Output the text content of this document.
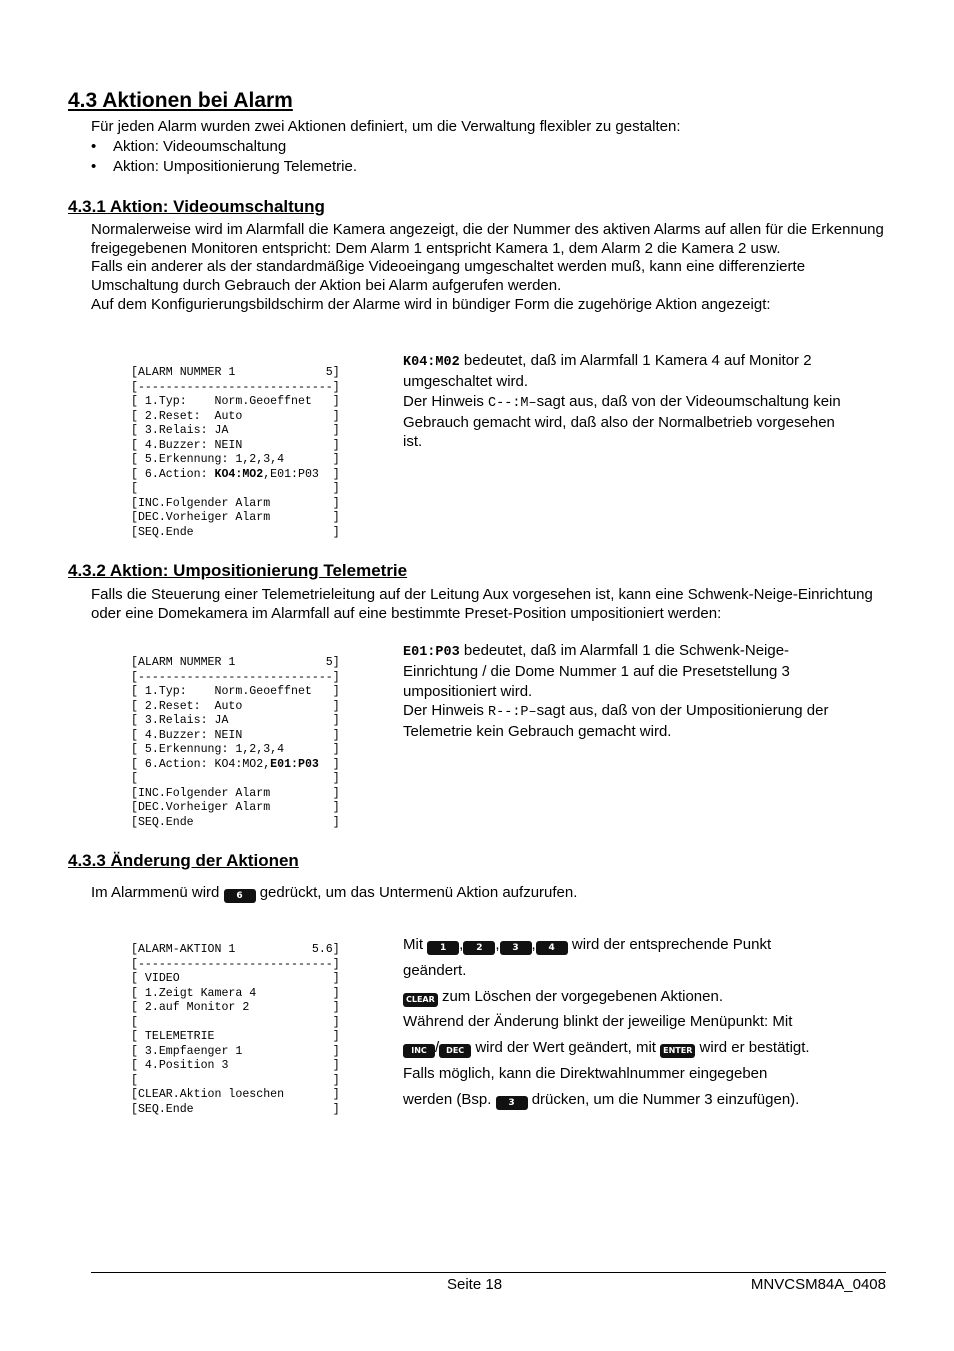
4.3 Aktionen bei Alarm

Für jeden Alarm wurden zwei Aktionen definiert, um die Verwaltung flexibler zu gestalten:

• Aktion: Videoumschaltung
• Aktion: Umpositionierung Telemetrie.
4.3.1 Aktion: Videoumschaltung

Normalerweise wird im Alarmfall die Kamera angezeigt, die der Nummer des aktiven Alarms auf allen für die Erkennung freigegebenen Monitoren entspricht: Dem Alarm 1 entspricht Kamera 1, dem Alarm 2 die Kamera 2 usw.

Falls ein anderer als der standardmäßige Videoeingang umgeschaltet werden muß, kann eine differenzierte Umschaltung durch Gebrauch der Aktion bei Alarm aufgerufen werden.

Auf dem Konfigurierungsbildschirm der Alarme wird in bündiger Form die zugehörige Aktion angezeigt:

[ALARM NUMMER 1             5]
[----------------------------]
[ 1.Typ:    Norm.Geoeffnet   ]
[ 2.Reset:  Auto             ]
[ 3.Relais: JA               ]
[ 4.Buzzer: NEIN             ]
[ 5.Erkennung: 1,2,3,4       ]
[ 6.Action: KO4:MO2,E01:P03  ]
[                            ]
[INC.Folgender Alarm         ]
[DEC.Vorheiger Alarm         ]
[SEQ.Ende                    ]

K04:M02 bedeutet, daß im Alarmfall 1 Kamera 4 auf Monitor 2 umgeschaltet wird.

Der Hinweis C--:M–sagt aus, daß von der Videoumschaltung kein Gebrauch gemacht wird, daß also der Normalbetrieb vorgesehen ist.

4.3.2 Aktion: Umpositionierung Telemetrie

Falls die Steuerung einer Telemetrieleitung auf der Leitung Aux vorgesehen ist, kann eine Schwenk-Neige-Einrichtung oder eine Domekamera im Alarmfall auf eine bestimmte Preset-Position umpositioniert werden:

[ALARM NUMMER 1             5]
[----------------------------]
[ 1.Typ:    Norm.Geoeffnet   ]
[ 2.Reset:  Auto             ]
[ 3.Relais: JA               ]
[ 4.Buzzer: NEIN             ]
[ 5.Erkennung: 1,2,3,4       ]
[ 6.Action: KO4:MO2,E01:P03  ]
[                            ]
[INC.Folgender Alarm         ]
[DEC.Vorheiger Alarm         ]
[SEQ.Ende                    ]

E01:P03 bedeutet, daß im Alarmfall 1 die Schwenk-Neige-Einrichtung / die Dome Nummer 1 auf die Presetstellung 3 umpositioniert wird.

Der Hinweis R--:P–sagt aus, daß von der Umpositionierung der Telemetrie kein Gebrauch gemacht wird.

4.3.3 Änderung der Aktionen

Im Alarmmenü wird 6 gedrückt, um das Untermenü Aktion aufzurufen.

[ALARM-AKTION 1           5.6]
[----------------------------]
[ VIDEO                      ]
[ 1.Zeigt Kamera 4           ]
[ 2.auf Monitor 2            ]
[                            ]
[ TELEMETRIE                 ]
[ 3.Empfaenger 1             ]
[ 4.Position 3               ]
[                            ]
[CLEAR.Aktion loeschen       ]
[SEQ.Ende                    ]

Mit 1 , 2 , 3 , 4 wird der entsprechende Punkt

geändert.

CLEAR zum Löschen der vorgegebenen Aktionen.

Während der Änderung blinkt der jeweilige Menüpunkt: Mit

INC / DEC wird der Wert geändert, mit ENTER wird er bestätigt.

Falls möglich, kann die Direktwahlnummer eingegeben

werden (Bsp. 3 drücken, um die Nummer 3 einzufügen).

Seite 18	MNVCSM84A_0408
